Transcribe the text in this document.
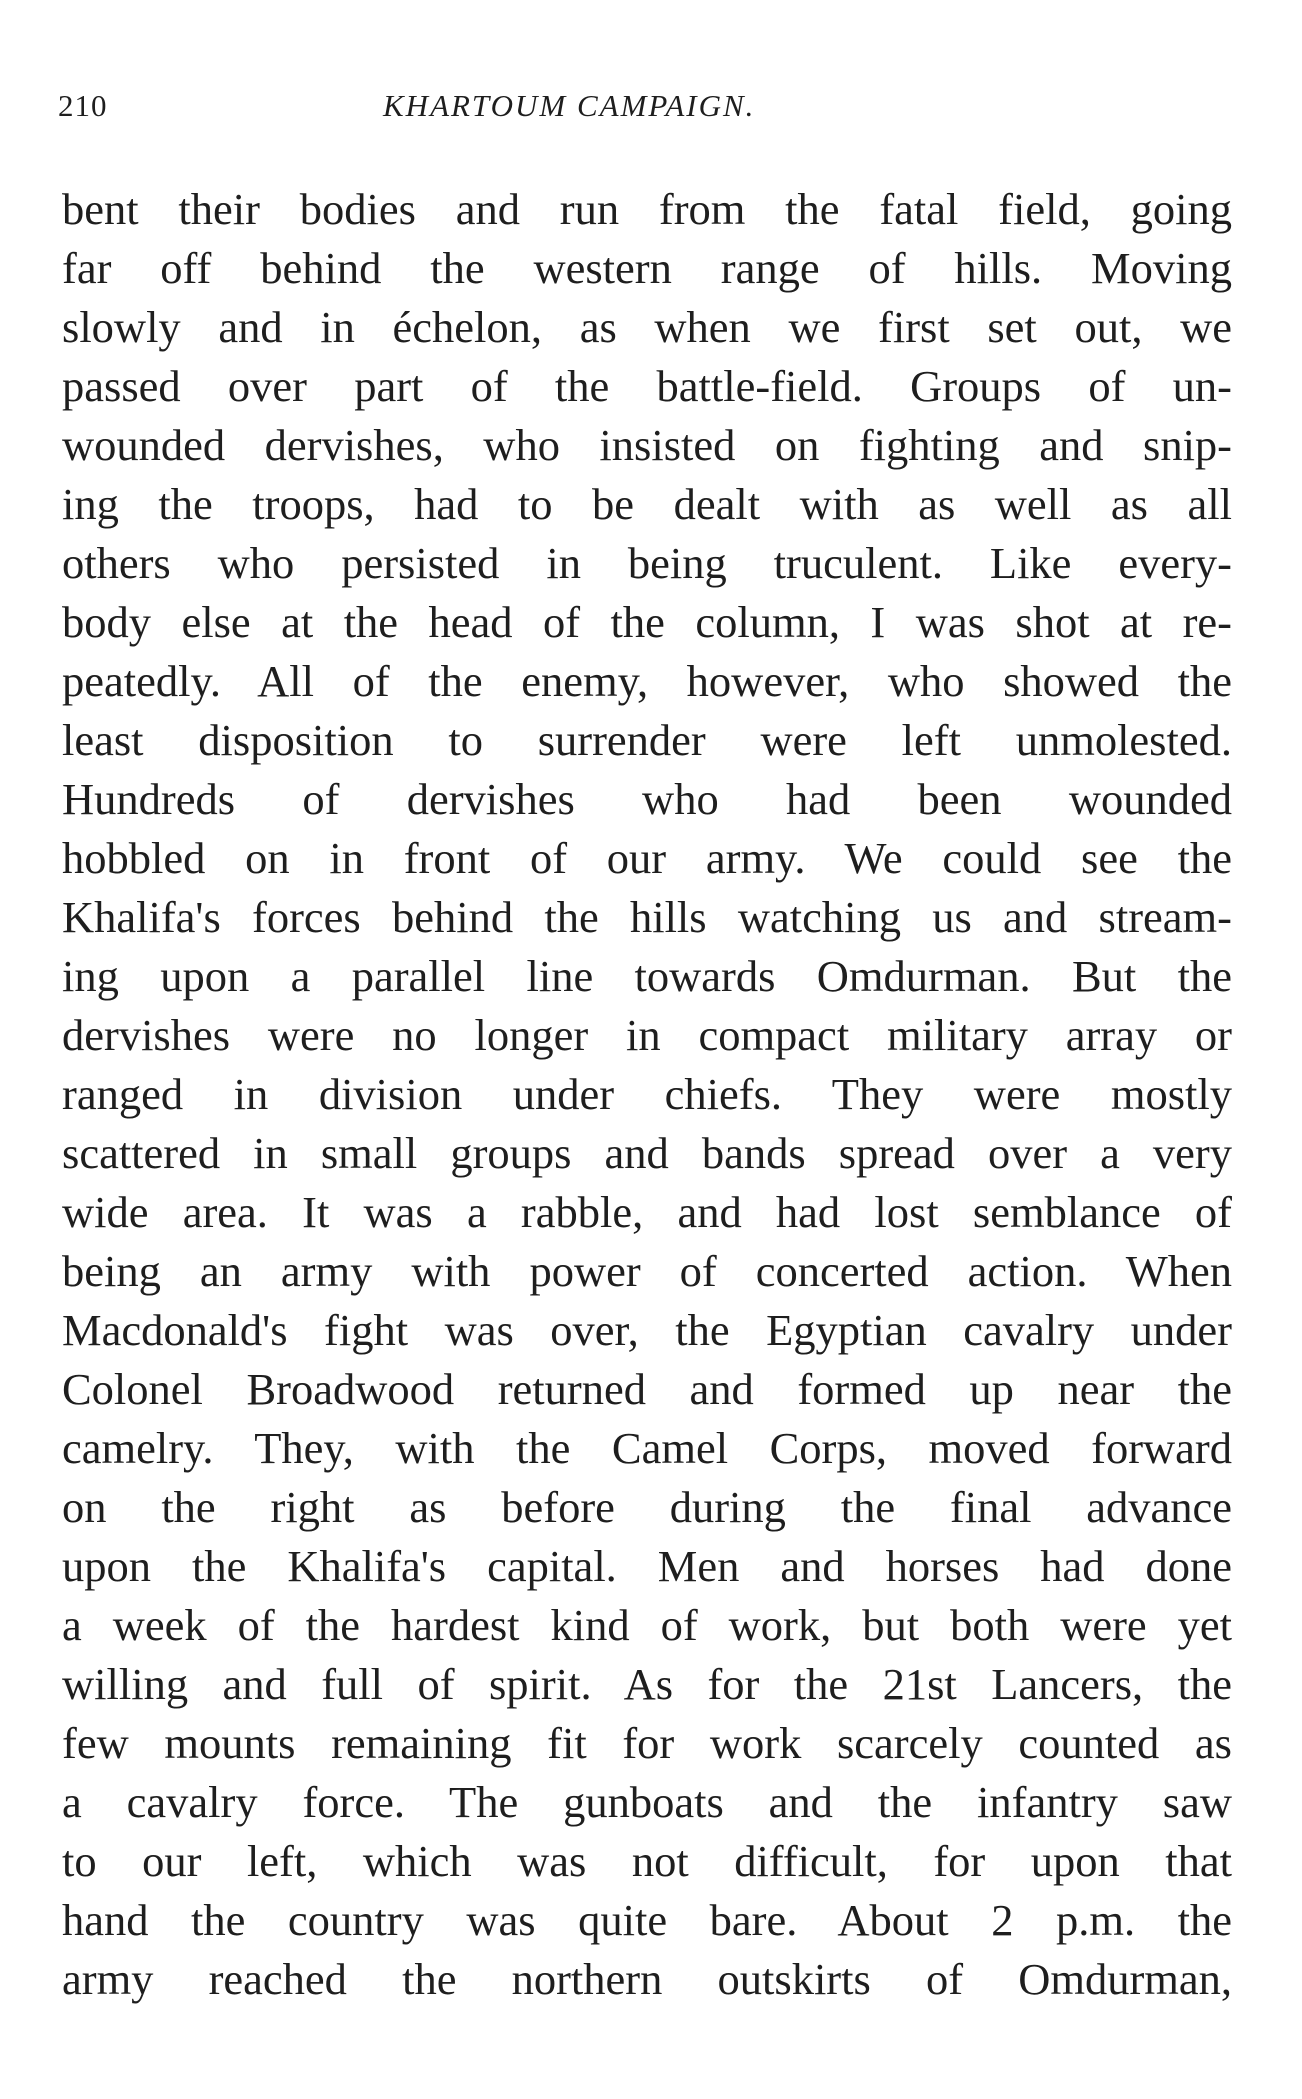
210	KHARTOUM CAMPAIGN.
bent their bodies and run from the fatal field, going
far off behind the western range of hills. Moving
slowly and in échelon, as when we first set out, we
passed over part of the battle-field. Groups of un-
wounded dervishes, who insisted on fighting and snip-
ing the troops, had to be dealt with as well as all
others who persisted in being truculent. Like every-
body else at the head of the column, I was shot at re-
peatedly. All of the enemy, however, who showed the
least disposition to surrender were left unmolested.
Hundreds of dervishes who had been wounded
hobbled on in front of our army. We could see the
Khalifa's forces behind the hills watching us and stream-
ing upon a parallel line towards Omdurman. But the
dervishes were no longer in compact military array or
ranged in division under chiefs. They were mostly
scattered in small groups and bands spread over a very
wide area. It was a rabble, and had lost semblance of
being an army with power of concerted action. When
Macdonald's fight was over, the Egyptian cavalry under
Colonel Broadwood returned and formed up near the
camelry. They, with the Camel Corps, moved forward
on the right as before during the final advance
upon the Khalifa's capital. Men and horses had done
a week of the hardest kind of work, but both were yet
willing and full of spirit. As for the 21st Lancers, the
few mounts remaining fit for work scarcely counted as
a cavalry force. The gunboats and the infantry saw
to our left, which was not difficult, for upon that
hand the country was quite bare. About 2 p.m. the
army reached the northern outskirts of Omdurman,
